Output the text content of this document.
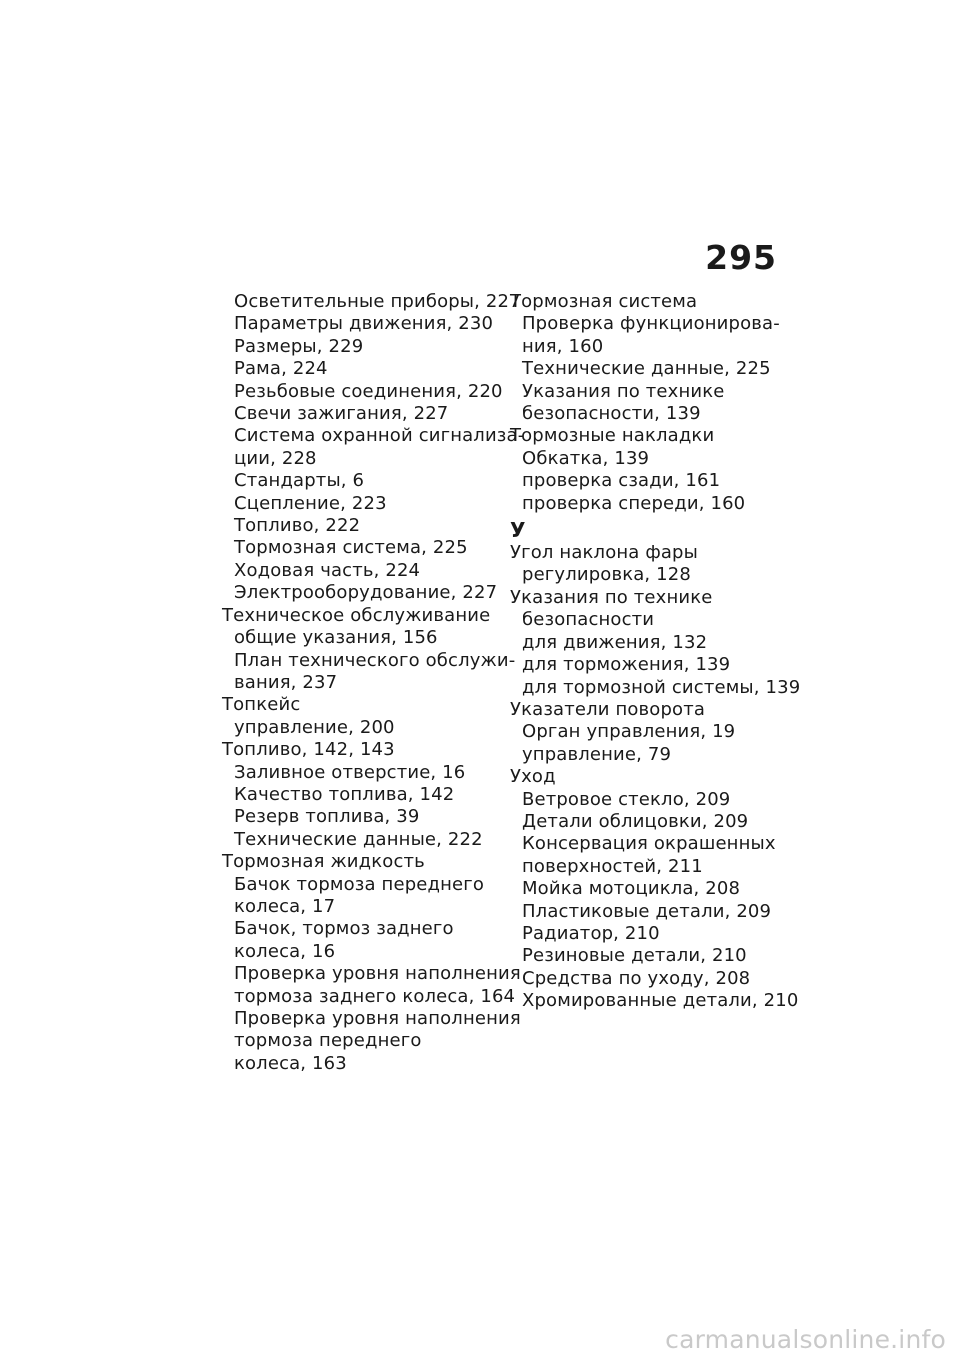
295
Осветительные приборы, 227
Параметры движения, 230
Размеры, 229
Рама, 224
Резьбовые соединения, 220
Свечи зажигания, 227
Система охранной сигнализа-
ции, 228
Стандарты, 6
Сцепление, 223
Топливо, 222
Тормозная система, 225
Ходовая часть, 224
Электрооборудование, 227
Техническое обслуживание
общие указания, 156
План технического обслужи-
вания, 237
Топкейс
управление, 200
Топливо, 142, 143
Заливное отверстие, 16
Качество топлива, 142
Резерв топлива, 39
Технические данные, 222
Тормозная жидкость
Бачок тормоза переднего
колеса, 17
Бачок, тормоз заднего
колеса, 16
Проверка уровня наполнения
тормоза заднего колеса, 164
Проверка уровня наполнения
тормоза переднего
колеса, 163
Тормозная система
Проверка функционирова-
ния, 160
Технические данные, 225
Указания по технике
безопасности, 139
Тормозные накладки
Обкатка, 139
проверка сзади, 161
проверка спереди, 160
У
Угол наклона фары
регулировка, 128
Указания по технике
безопасности
для движения, 132
для торможения, 139
для тормозной системы, 139
Указатели поворота
Орган управления, 19
управление, 79
Уход
Ветровое стекло, 209
Детали облицовки, 209
Консервация окрашенных
поверхностей, 211
Мойка мотоцикла, 208
Пластиковые детали, 209
Радиатор, 210
Резиновые детали, 210
Средства по уходу, 208
Хромированные детали, 210
carmanualsonline.info
